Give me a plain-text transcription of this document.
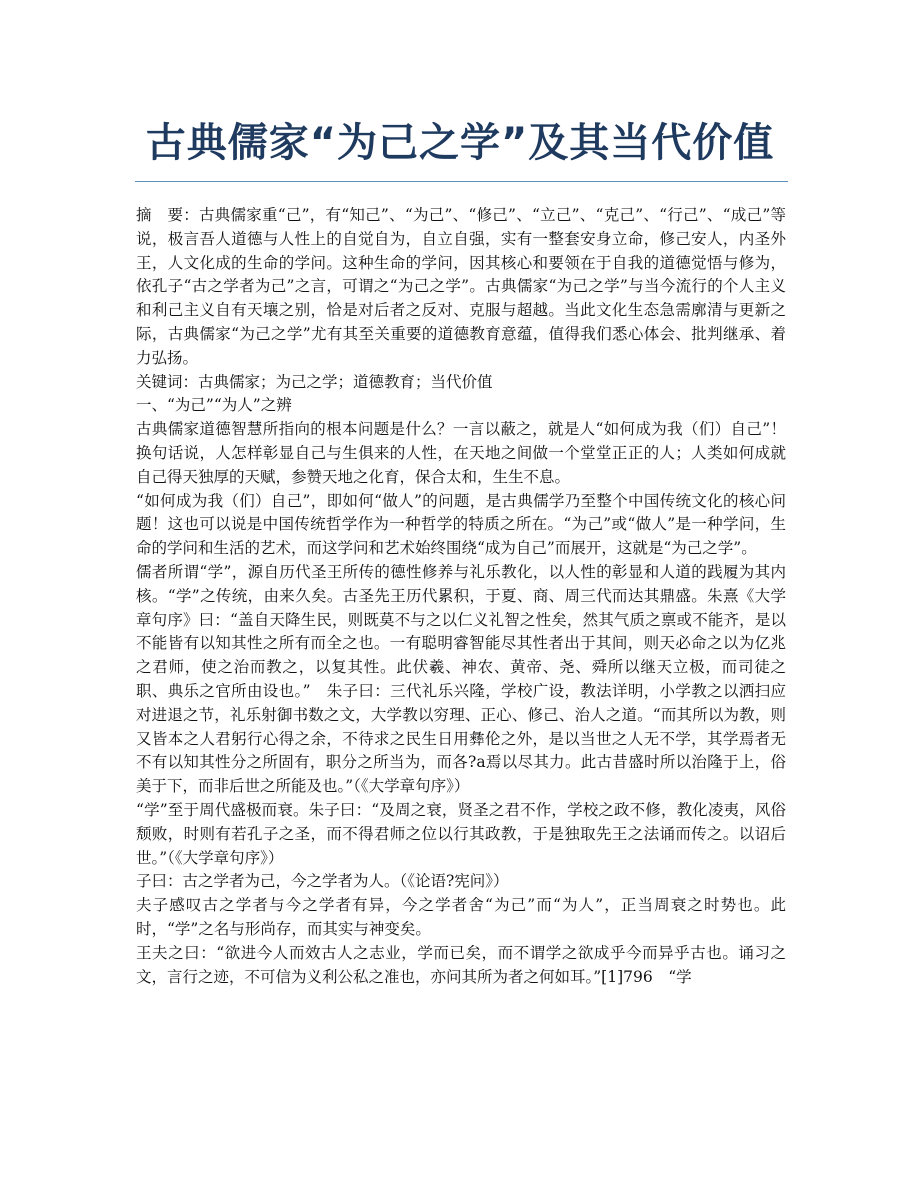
古典儒家“为己之学”及其当代价值

摘　要：古典儒家重“己”，有“知己”、“为己”、“修己”、“立己”、“克己”、“行己”、“成己”等说，极言吾人道德与人性上的自觉自为，自立自强，实有一整套安身立命，修己安人，内圣外王，人文化成的生命的学问。这种生命的学问，因其核心和要领在于自我的道德觉悟与修为，依孔子“古之学者为己”之言，可谓之“为己之学”。古典儒家“为己之学”与当今流行的个人主义和利己主义自有天壤之别，恰是对后者之反对、克服与超越。当此文化生态急需廓清与更新之际，古典儒家“为己之学”尤有其至关重要的道德教育意蕴，值得我们悉心体会、批判继承、着力弘扬。

关键词：古典儒家；为己之学；道德教育；当代价值

一、“为己”“为人”之辨

古典儒家道德智慧所指向的根本问题是什么？一言以蔽之，就是人“如何成为我（们）自己”！换句话说，人怎样彰显自己与生俱来的人性，在天地之间做一个堂堂正正的人；人类如何成就自己得天独厚的天赋，参赞天地之化育，保合太和，生生不息。

“如何成为我（们）自己”，即如何“做人”的问题，是古典儒学乃至整个中国传统文化的核心问题！这也可以说是中国传统哲学作为一种哲学的特质之所在。“为己”或“做人”是一种学问，生命的学问和生活的艺术，而这学问和艺术始终围绕“成为自己”而展开，这就是“为己之学”。

儒者所谓“学”，源自历代圣王所传的德性修养与礼乐教化，以人性的彰显和人道的践履为其内核。“学”之传统，由来久矣。古圣先王历代累积，于夏、商、周三代而达其鼎盛。朱熹《大学章句序》曰：“盖自天降生民，则既莫不与之以仁义礼智之性矣，然其气质之禀或不能齐，是以不能皆有以知其性之所有而全之也。一有聪明睿智能尽其性者出于其间，则天必命之以为亿兆之君师，使之治而教之，以复其性。此伏羲、神农、黄帝、尧、舜所以继天立极，而司徒之职、典乐之官所由设也。”　朱子曰：三代礼乐兴隆，学校广设，教法详明，小学教之以洒扫应对进退之节，礼乐射御书数之文，大学教以穷理、正心、修己、治人之道。“而其所以为教，则又皆本之人君躬行心得之余，不待求之民生日用彝伦之外，是以当世之人无不学，其学焉者无不有以知其性分之所固有，职分之所当为，而各?a焉以尽其力。此古昔盛时所以治隆于上，俗美于下，而非后世之所能及也。”（《大学章句序》）

“学”至于周代盛极而衰。朱子曰：“及周之衰，贤圣之君不作，学校之政不修，教化凌夷，风俗颓败，时则有若孔子之圣，而不得君师之位以行其政教，于是独取先王之法诵而传之。以诏后世。”（《大学章句序》）

子曰：古之学者为己，今之学者为人。（《论语?宪问》）

夫子感叹古之学者与今之学者有异，今之学者舍“为己”而“为人”，正当周衰之时势也。此时，“学”之名与形尚存，而其实与神变矣。

王夫之曰：“欲进今人而效古人之志业，学而已矣，而不谓学之欲成乎今而异乎古也。诵习之文，言行之迹，不可信为义利公私之准也，亦问其所为者之何如耳。”[1]796　“学
